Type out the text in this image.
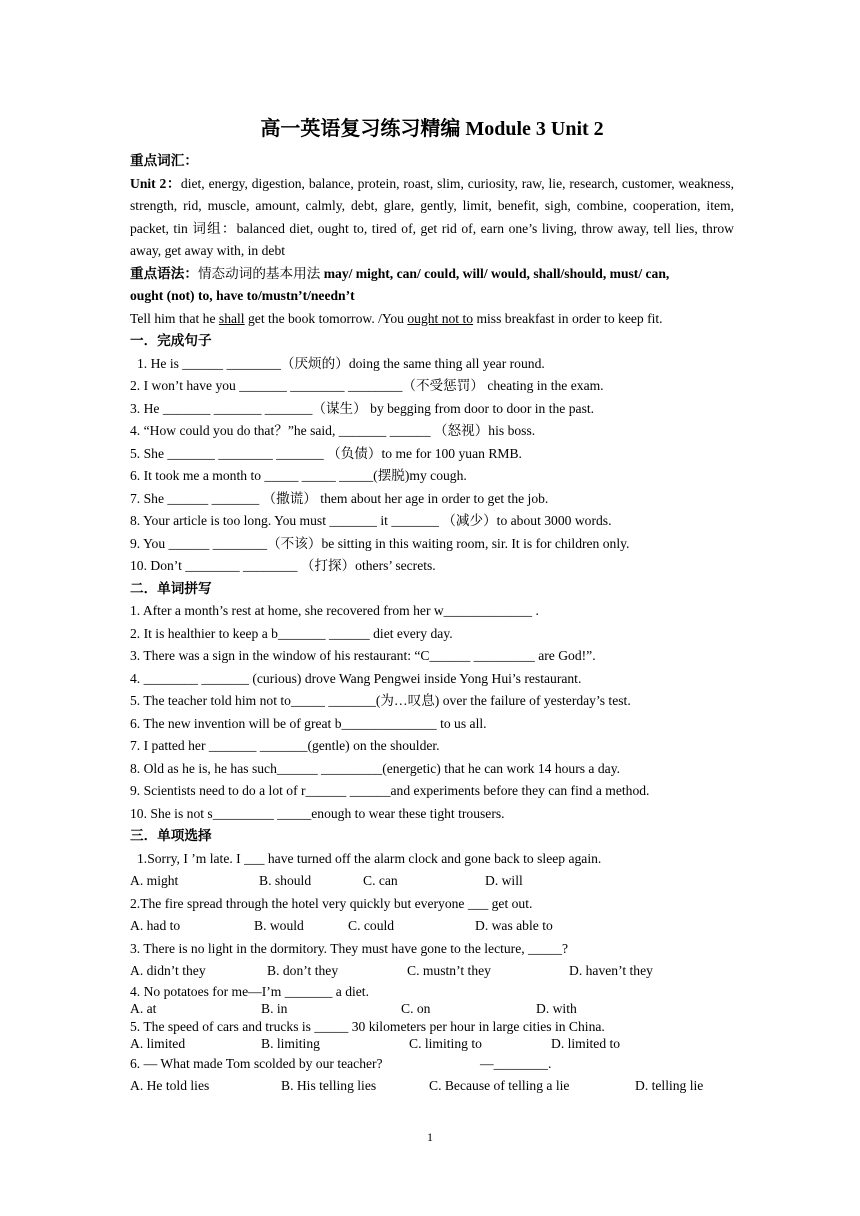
高一英语复习练习精编 Module 3 Unit 2
重点词汇：
Unit 2：diet, energy, digestion, balance, protein, roast, slim, curiosity, raw, lie, research, customer, weakness, strength, rid, muscle, amount, calmly, debt, glare, gently, limit, benefit, sigh, combine, cooperation, item, packet, tin 词组：balanced diet, ought to, tired of, get rid of, earn one’s living, throw away, tell lies, throw away, get away with, in debt
重点语法：情态动词的基本用法 may/ might, can/ could, will/ would, shall/should, must/ can,
ought (not) to, have to/mustn’t/needn’t
Tell him that he shall get the book tomorrow. /You ought not to miss breakfast in order to keep fit.
一．完成句子
1. He is ______ ________（厌烦的）doing the same thing all year round.
2. I won’t have you _______ ________ ________（不受惩罚） cheating in the exam.
3. He _______ _______ _______（谋生） by begging from door to door in the past.
4. “How could you do that？”he said, _______ ______ （怒视）his boss.
5. She _______ ________ _______ （负债）to me for 100 yuan RMB.
6. It took me a month to _____ _____ _____(摆脱)my cough.
7. She ______ _______ （撒谎） them about her age in order to get the job.
8. Your article is too long. You must _______ it _______ （减少）to about 3000 words.
9. You ______ ________（不该）be sitting in this waiting room, sir. It is for children only.
10. Don’t ________ ________ （打探）others’ secrets.
二．单词拼写
1. After a month’s rest at home, she recovered from her w_____________ .
2. It is healthier to keep a b_______ ______ diet every day.
3. There was a sign in the window of his restaurant: “C______ _________ are God!”.
4. ________ _______ (curious) drove Wang Pengwei inside Yong Hui’s restaurant.
5. The teacher told him not to_____ _______(为…叹息) over the failure of yesterday’s test.
6. The new invention will be of great b______________ to us all.
7. I patted her _______ _______(gentle) on the shoulder.
8. Old as he is, he has such______ _________(energetic) that he can work 14 hours a day.
9. Scientists need to do a lot of r______ ______and experiments before they can find a method.
10. She is not s_________ _____enough to wear these tight trousers.
三．单项选择
1.Sorry, I ’m late. I ___ have turned off the alarm clock and gone back to sleep again.
A. might	B. should	C. can	D. will
2.The fire spread through the hotel very quickly but everyone ___ get out.
A. had to	B. would	C. could	D. was able to
3. There is no light in the dormitory. They must have gone to the lecture, _____?
A. didn’t they	B. don’t they	C. mustn’t they	D. haven’t they
4. No potatoes for me—I’m _______ a diet.
A. at	B. in	C. on	D. with
5. The speed of cars and trucks is _____ 30 kilometers per hour in large cities in China.
A. limited	B. limiting	C. limiting to	D. limited to
6. — What made Tom scolded by our teacher?	—________.
A. He told lies	B. His telling lies	C. Because of telling a lie	D. telling lie
1
